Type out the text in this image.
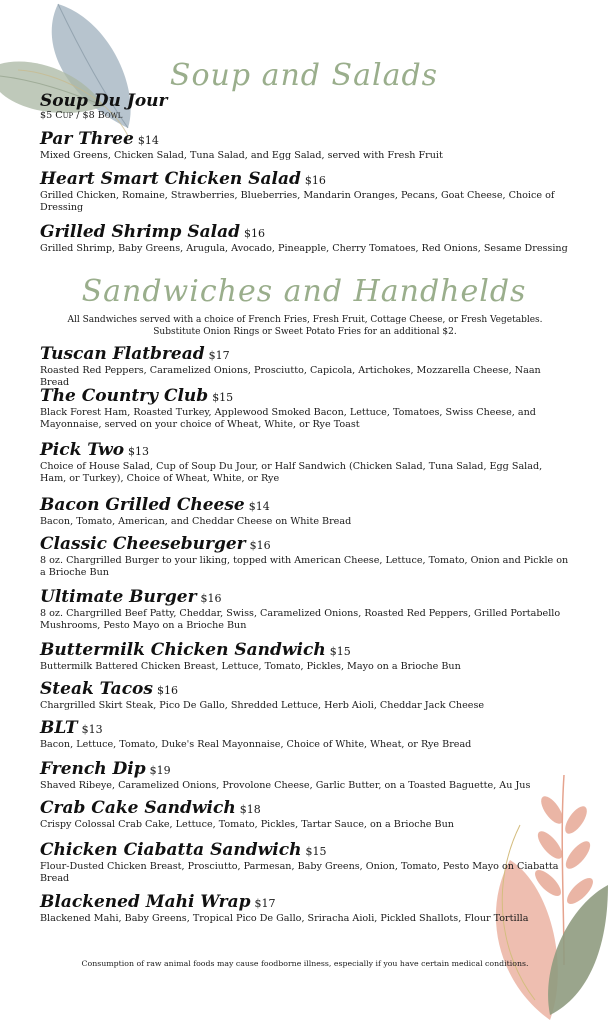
Soup and Salads
Soup Du Jour
$5 Cup / $8 Bowl
Par Three $14
Mixed Greens, Chicken Salad, Tuna Salad, and Egg Salad, served with Fresh Fruit
Heart Smart Chicken Salad $16
Grilled Chicken, Romaine, Strawberries, Blueberries, Mandarin Oranges, Pecans, Goat Cheese, Choice of Dressing
Grilled Shrimp Salad $16
Grilled Shrimp, Baby Greens, Arugula, Avocado, Pineapple, Cherry Tomatoes, Red Onions, Sesame Dressing
Sandwiches and Handhelds
All Sandwiches served with a choice of French Fries, Fresh Fruit, Cottage Cheese, or Fresh Vegetables.
Substitute Onion Rings or Sweet Potato Fries for an additional $2.
Tuscan Flatbread $17
Roasted Red Peppers, Caramelized Onions, Prosciutto, Capicola, Artichokes, Mozzarella Cheese, Naan Bread
The Country Club $15
Black Forest Ham, Roasted Turkey, Applewood Smoked Bacon, Lettuce, Tomatoes, Swiss Cheese, and Mayonnaise, served on your choice of Wheat, White, or Rye Toast
Pick Two $13
Choice of House Salad, Cup of Soup Du Jour, or Half Sandwich (Chicken Salad, Tuna Salad, Egg Salad, Ham, or Turkey), Choice of Wheat, White, or Rye
Bacon Grilled Cheese $14
Bacon, Tomato, American, and Cheddar Cheese on White Bread
Classic Cheeseburger $16
8 oz. Chargrilled Burger to your liking, topped with American Cheese, Lettuce, Tomato, Onion and Pickle on a Brioche Bun
Ultimate Burger $16
8 oz. Chargrilled Beef Patty, Cheddar, Swiss, Caramelized Onions, Roasted Red Peppers, Grilled Portabello Mushrooms, Pesto Mayo on a Brioche Bun
Buttermilk Chicken Sandwich $15
Buttermilk Battered Chicken Breast, Lettuce, Tomato, Pickles, Mayo on a Brioche Bun
Steak Tacos $16
Chargrilled Skirt Steak, Pico De Gallo, Shredded Lettuce, Herb Aioli, Cheddar Jack Cheese
BLT $13
Bacon, Lettuce, Tomato, Duke's Real Mayonnaise, Choice of White, Wheat, or Rye Bread
French Dip $19
Shaved Ribeye, Caramelized Onions, Provolone Cheese, Garlic Butter, on a Toasted Baguette, Au Jus
Crab Cake Sandwich $18
Crispy Colossal Crab Cake, Lettuce, Tomato, Pickles, Tartar Sauce, on a Brioche Bun
Chicken Ciabatta Sandwich $15
Flour-Dusted Chicken Breast, Prosciutto, Parmesan, Baby Greens, Onion, Tomato, Pesto Mayo on Ciabatta Bread
Blackened Mahi Wrap $17
Blackened Mahi, Baby Greens, Tropical Pico De Gallo, Sriracha Aioli, Pickled Shallots, Flour Tortilla
Consumption of raw animal foods may cause foodborne illness, especially if you have certain medical conditions.
